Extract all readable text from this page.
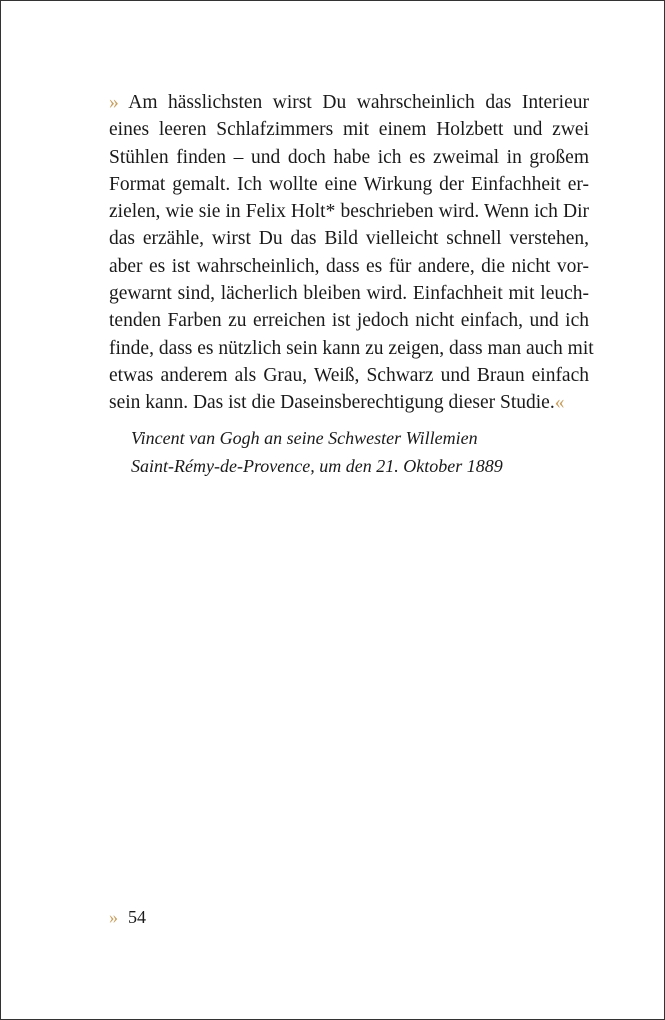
» Am hässlichsten wirst Du wahrscheinlich das Interieur
eines leeren Schlafzimmers mit einem Holzbett und zwei
Stühlen finden – und doch habe ich es zweimal in großem
Format gemalt. Ich wollte eine Wirkung der Einfachheit er-
zielen, wie sie in Felix Holt* beschrieben wird. Wenn ich Dir
das erzähle, wirst Du das Bild vielleicht schnell verstehen,
aber es ist wahrscheinlich, dass es für andere, die nicht vor-
gewarnt sind, lächerlich bleiben wird. Einfachheit mit leuch-
tenden Farben zu erreichen ist jedoch nicht einfach, und ich
finde, dass es nützlich sein kann zu zeigen, dass man auch mit
etwas anderem als Grau, Weiß, Schwarz und Braun einfach
sein kann. Das ist die Daseinsberechtigung dieser Studie.«
Vincent van Gogh an seine Schwester Willemien
Saint-Rémy-de-Provence, um den 21. Oktober 1889
» 54
